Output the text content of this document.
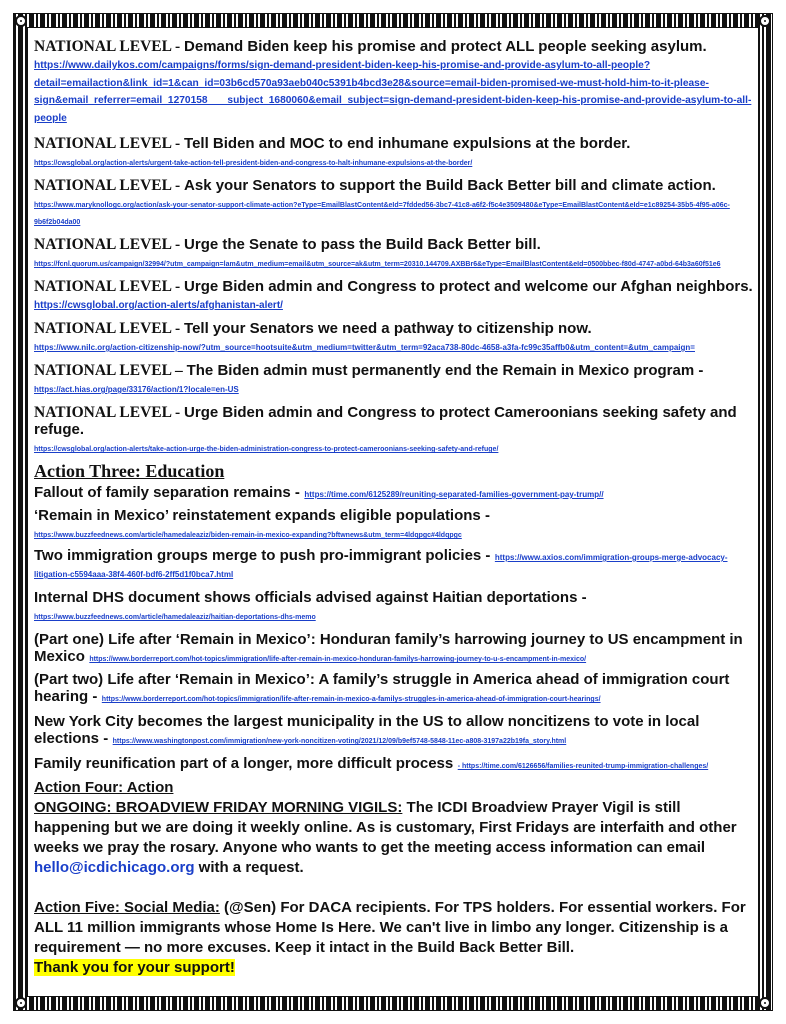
NATIONAL LEVEL - Demand Biden keep his promise and protect ALL people seeking asylum.
https://www.dailykos.com/campaigns/forms/sign-demand-president-biden-keep-his-promise-and-provide-asylum-to-all-people?detail=emailaction&link_id=1&can_id=03b6cd570a93aeb040c5391b4bcd3e28&source=email-biden-promised-we-must-hold-him-to-it-please-sign&email_referrer=email_1270158 ___subject_1680060&email_subject=sign-demand-president-biden-keep-his-promise-and-provide-asylum-to-all-people
NATIONAL LEVEL - Tell Biden and MOC to end inhumane expulsions at the border.
https://cwsglobal.org/action-alerts/urgent-take-action-tell-president-biden-and-congress-to-halt-inhumane-expulsions-at-the-border/
NATIONAL LEVEL - Ask your Senators to support the Build Back Better bill and climate action. https://www.maryknollogc.org/action/ask-your-senator-support-climate-action?eType=EmailBlastContent&eId=7fdded56-3bc7-41c8-a6f2-f5c4e3509480&eType=EmailBlastContent&eId=e1c89254-35b5-4f95-a06c-9b6f2b04da00
NATIONAL LEVEL - Urge the Senate to pass the Build Back Better bill.
https://fcnl.quorum.us/campaign/32994/?utm_campaign=lam&utm_medium=email&utm_source=ak&utm_term=20310.144709.AXBBr6&eType=EmailBlastContent&eId=0500bbec-f80d-4747-a0bd-64b3a60f51e6
NATIONAL LEVEL - Urge Biden admin and Congress to protect and welcome our Afghan neighbors. https://cwsglobal.org/action-alerts/afghanistan-alert/
NATIONAL LEVEL - Tell your Senators we need a pathway to citizenship now.
https://www.nilc.org/action-citizenship-now/?utm_source=hootsuite&utm_medium=twitter&utm_term=92aca738-80dc-4658-a3fa-fc99c35affb0&utm_content=&utm_campaign=
NATIONAL LEVEL – The Biden admin must permanently end the Remain in Mexico program -
https://act.hias.org/page/33176/action/1?locale=en-US
NATIONAL LEVEL - Urge Biden admin and Congress to protect Cameroonians seeking safety and refuge.
https://cwsglobal.org/action-alerts/take-action-urge-the-biden-administration-congress-to-protect-cameroonians-seeking-safety-and-refuge/
Action Three: Education
Fallout of family separation remains - https://time.com/6125289/reuniting-separated-families-government-pay-trump//
‘Remain in Mexico’ reinstatement expands eligible populations -
https://www.buzzfeednews.com/article/hamedaleaziz/biden-remain-in-mexico-expanding?bftwnews&utm_term=4ldqpgc#4ldqpgc
Two immigration groups merge to push pro-immigrant policies - https://www.axios.com/immigration-groups-merge-advocacy-litigation-c5594aaa-38f4-460f-bdf6-2ff5d1f0bca7.html
Internal DHS document shows officials advised against Haitian deportations -
https://www.buzzfeednews.com/article/hamedaleaziz/haitian-deportations-dhs-memo
(Part one) Life after ‘Remain in Mexico’: Honduran family’s harrowing journey to US encampment in Mexico https://www.borderreport.com/hot-topics/immigration/life-after-remain-in-mexico-honduran-familys-harrowing-journey-to-u-s-encampment-in-mexico/
(Part two) Life after ‘Remain in Mexico’: A family’s struggle in America ahead of immigration court hearing - https://www.borderreport.com/hot-topics/immigration/life-after-remain-in-mexico-a-familys-struggles-in-america-ahead-of-immigration-court-hearings/
New York City becomes the largest municipality in the US to allow noncitizens to vote in local elections - https://www.washingtonpost.com/immigration/new-york-noncitizen-voting/2021/12/09/b9ef5748-5848-11ec-a808-3197a22b19fa_story.html
Family reunification part of a longer, more difficult process - https://time.com/6126656/families-reunited-trump-immigration-challenges/
Action Four: Action
ONGOING: BROADVIEW FRIDAY MORNING VIGILS: The ICDI Broadview Prayer Vigil is still happening but we are doing it weekly online. As is customary, First Fridays are interfaith and other weeks we pray the rosary. Anyone who wants to get the meeting access information can email hello@icdichicago.org with a request.
Action Five: Social Media: (@Sen) For DACA recipients. For TPS holders. For essential workers. For ALL 11 million immigrants whose Home Is Here. We can't live in limbo any longer. Citizenship is a requirement — no more excuses. Keep it intact in the Build Back Better Bill. Thank you for your support!
